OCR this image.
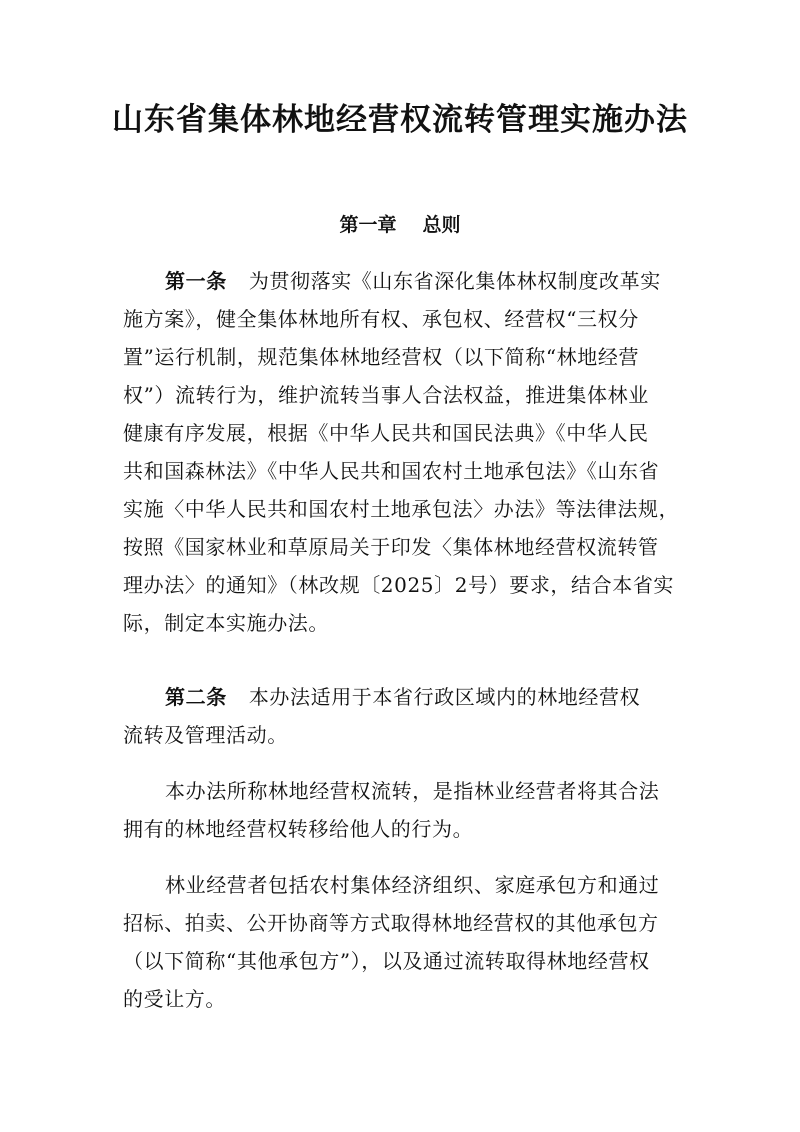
山东省集体林地经营权流转管理实施办法
第一章 总则
第一条 为贯彻落实《山东省深化集体林权制度改革实
施方案》，健全集体林地所有权、承包权、经营权“三权分
置”运行机制，规范集体林地经营权（以下简称“林地经营
权”）流转行为，维护流转当事人合法权益，推进集体林业
健康有序发展，根据《中华人民共和国民法典》《中华人民
共和国森林法》《中华人民共和国农村土地承包法》《山东省
实施〈中华人民共和国农村土地承包法〉办法》等法律法规，
按照《国家林业和草原局关于印发〈集体林地经营权流转管
理办法〉的通知》（林改规〔2025〕2号）要求，结合本省实
际，制定本实施办法。
第二条 本办法适用于本省行政区域内的林地经营权
流转及管理活动。
本办法所称林地经营权流转，是指林业经营者将其合法
拥有的林地经营权转移给他人的行为。
林业经营者包括农村集体经济组织、家庭承包方和通过
招标、拍卖、公开协商等方式取得林地经营权的其他承包方
（以下简称“其他承包方”），以及通过流转取得林地经营权
的受让方。
